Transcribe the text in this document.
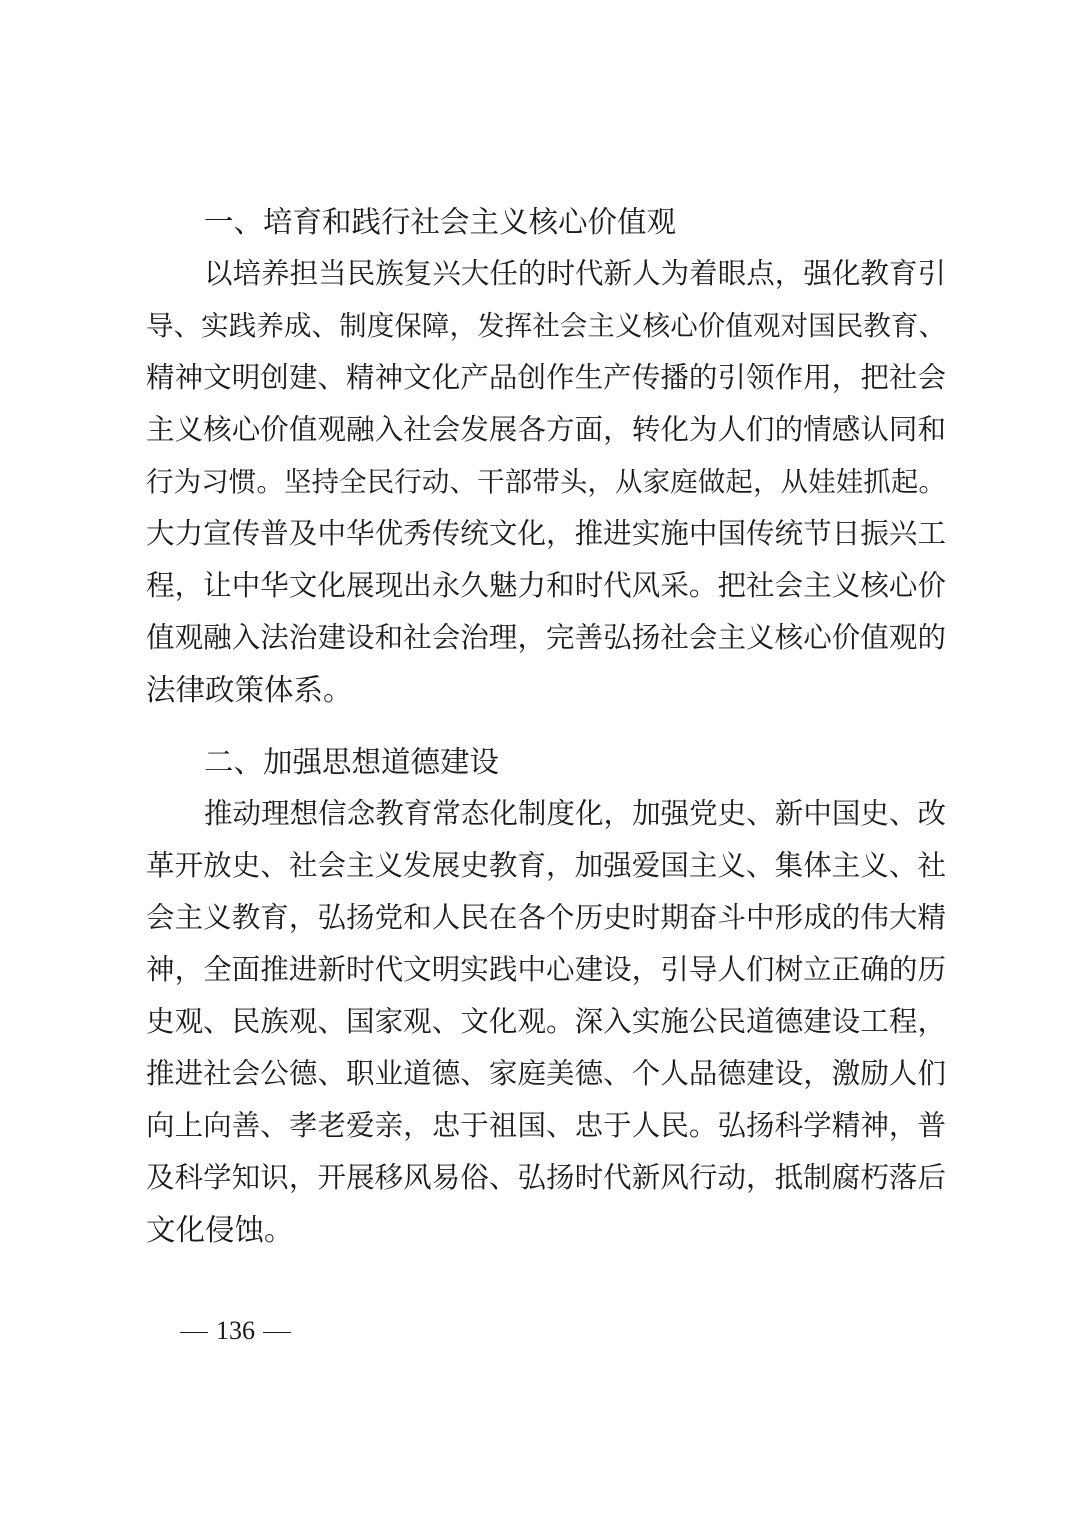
一、培育和践行社会主义核心价值观
以培养担当民族复兴大任的时代新人为着眼点，强化教育引
导、实践养成、制度保障，发挥社会主义核心价值观对国民教育、
精神文明创建、精神文化产品创作生产传播的引领作用，把社会
主义核心价值观融入社会发展各方面，转化为人们的情感认同和
行为习惯。坚持全民行动、干部带头，从家庭做起，从娃娃抓起。
大力宣传普及中华优秀传统文化，推进实施中国传统节日振兴工
程，让中华文化展现出永久魅力和时代风采。把社会主义核心价
值观融入法治建设和社会治理，完善弘扬社会主义核心价值观的
法律政策体系。
二、加强思想道德建设
推动理想信念教育常态化制度化，加强党史、新中国史、改
革开放史、社会主义发展史教育，加强爱国主义、集体主义、社
会主义教育，弘扬党和人民在各个历史时期奋斗中形成的伟大精
神，全面推进新时代文明实践中心建设，引导人们树立正确的历
史观、民族观、国家观、文化观。深入实施公民道德建设工程，
推进社会公德、职业道德、家庭美德、个人品德建设，激励人们
向上向善、孝老爱亲，忠于祖国、忠于人民。弘扬科学精神，普
及科学知识，开展移风易俗、弘扬时代新风行动，抵制腐朽落后
文化侵蚀。
136
